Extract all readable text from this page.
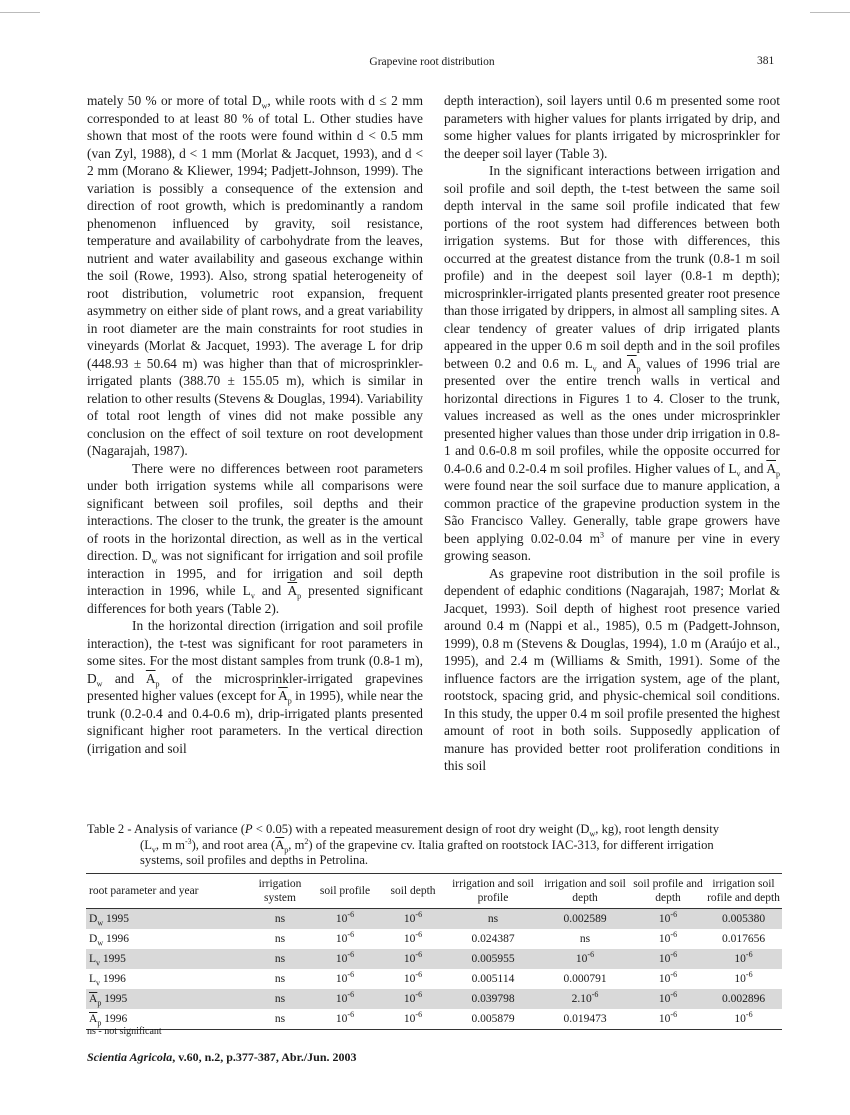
Grapevine root distribution	381

mately 50 % or more of total $D_w$, while roots with d ≤ 2 mm corresponded to at least 80 % of total L. Other studies have shown that most of the roots were found within d < 0.5 mm (van Zyl, 1988), d < 1 mm (Morlat & Jacquet, 1993), and d < 2 mm (Morano & Kliewer, 1994; Padjett-Johnson, 1999). The variation is possibly a consequence of the extension and direction of root growth, which is predominantly a random phenomenon influenced by gravity, soil resistance, temperature and availability of carbohydrate from the leaves, nutrient and water availability and gaseous exchange within the soil (Rowe, 1993). Also, strong spatial heterogeneity of root distribution, volumetric root expansion, frequent asymmetry on either side of plant rows, and a great variability in root diameter are the main constraints for root studies in vineyards (Morlat & Jacquet, 1993). The average L for drip (448.93 ± 50.64 m) was higher than that of microsprinkler-irrigated plants (388.70 ± 155.05 m), which is similar in relation to other results (Stevens & Douglas, 1994). Variability of total root length of vines did not make possible any conclusion on the effect of soil texture on root development (Nagarajah, 1987).

There were no differences between root parameters under both irrigation systems while all comparisons were significant between soil profiles, soil depths and their interactions. The closer to the trunk, the greater is the amount of roots in the horizontal direction, as well as in the vertical direction. $D_w$ was not significant for irrigation and soil profile interaction in 1995, and for irrigation and soil depth interaction in 1996, while $L_v$ and $\overline{A}_p$ presented significant differences for both years (Table 2).

In the horizontal direction (irrigation and soil profile interaction), the t-test was significant for root parameters in some sites. For the most distant samples from trunk (0.8-1 m), $D_w$ and $\overline{A}_p$ of the microsprinkler-irrigated grapevines presented higher values (except for $\overline{A}_p$ in 1995), while near the trunk (0.2-0.4 and 0.4-0.6 m), drip-irrigated plants presented significant higher root parameters. In the vertical direction (irrigation and soil

depth interaction), soil layers until 0.6 m presented some root parameters with higher values for plants irrigated by drip, and some higher values for plants irrigated by microsprinkler for the deeper soil layer (Table 3).

In the significant interactions between irrigation and soil profile and soil depth, the t-test between the same soil depth interval in the same soil profile indicated that few portions of the root system had differences between both irrigation systems. But for those with differences, this occurred at the greatest distance from the trunk (0.8-1 m soil profile) and in the deepest soil layer (0.8-1 m depth); microsprinkler-irrigated plants presented greater root presence than those irrigated by drippers, in almost all sampling sites. A clear tendency of greater values of drip irrigated plants appeared in the upper 0.6 m soil depth and in the soil profiles between 0.2 and 0.6 m. $L_v$ and $\overline{A}_p$ values of 1996 trial are presented over the entire trench walls in vertical and horizontal directions in Figures 1 to 4. Closer to the trunk, values increased as well as the ones under microsprinkler presented higher values than those under drip irrigation in 0.8-1 and 0.6-0.8 m soil profiles, while the opposite occurred for 0.4-0.6 and 0.2-0.4 m soil profiles. Higher values of $L_v$ and $\overline{A}_p$ were found near the soil surface due to manure application, a common practice of the grapevine production system in the São Francisco Valley. Generally, table grape growers have been applying 0.02-0.04 $m^3$ of manure per vine in every growing season.

As grapevine root distribution in the soil profile is dependent of edaphic conditions (Nagarajah, 1987; Morlat & Jacquet, 1993). Soil depth of highest root presence varied around 0.4 m (Nappi et al., 1985), 0.5 m (Padgett-Johnson, 1999), 0.8 m (Stevens & Douglas, 1994), 1.0 m (Araújo et al., 1995), and 2.4 m (Williams & Smith, 1991). Some of the influence factors are the irrigation system, age of the plant, rootstock, spacing grid, and physic-chemical soil conditions. In this study, the upper 0.4 m soil profile presented the highest amount of root in both soils. Supposedly application of manure has provided better root proliferation conditions in this soil

Table 2 - Analysis of variance (P < 0.05) with a repeated measurement design of root dry weight ($D_w$, kg), root length density
($L_v$, m $m^{-3}$), and root area ($\overline{A}_p$, $m^2$) of the grapevine cv. Italia grafted on rootstock IAC-313, for different irrigation
systems, soil profiles and depths in Petrolina.
root parameter and year	irrigation system	soil profile	soil depth	irrigation and soil profile	irrigation and soil depth	soil profile and depth	irrigation soil rofile and depth
$D_w$ 1995	ns	$10^{-6}$	$10^{-6}$	ns	0.002589	$10^{-6}$	0.005380
$D_w$ 1996	ns	$10^{-6}$	$10^{-6}$	0.024387	ns	$10^{-6}$	0.017656
$L_v$ 1995	ns	$10^{-6}$	$10^{-6}$	0.005955	$10^{-6}$	$10^{-6}$	$10^{-6}$
$L_v$ 1996	ns	$10^{-6}$	$10^{-6}$	0.005114	0.000791	$10^{-6}$	$10^{-6}$
$\overline{A}_p$ 1995	ns	$10^{-6}$	$10^{-6}$	0.039798	$2.10^{-6}$	$10^{-6}$	0.002896
$\overline{A}_p$ 1996	ns	$10^{-6}$	$10^{-6}$	0.005879	0.019473	$10^{-6}$	$10^{-6}$
ns - not significant
Scientia Agricola, v.60, n.2, p.377-387, Abr./Jun. 2003
